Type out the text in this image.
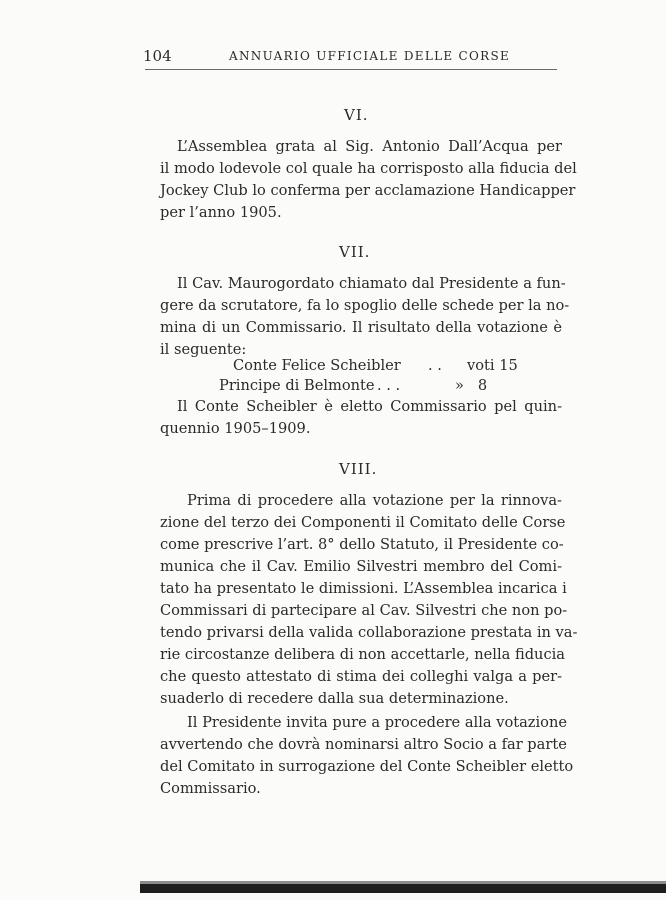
104	ANNUARIO UFFICIALE DELLE CORSE
VI.
L’Assemblea grata al Sig. Antonio Dall’Acqua per
il modo lodevole col quale ha corrisposto alla fiducia del
Jockey Club lo conferma per acclamazione Handicapper
per l’anno 1905.
VII.
Il Cav. Maurogordato chiamato dal Presidente a fun-
gere da scrutatore, fa lo spoglio delle schede per la no-
mina di un Commissario. Il risultato della votazione è
il seguente:
Conte Felice Scheibler . . voti 15
Principe di Belmonte . . .	»   8
Il Conte Scheibler è eletto Commissario pel quin-
quennio 1905–1909.
VIII.
Prima di procedere alla votazione per la rinnova-
zione del terzo dei Componenti il Comitato delle Corse
come prescrive l’art. 8° dello Statuto, il Presidente co-
munica che il Cav. Emilio Silvestri membro del Comi-
tato ha presentato le dimissioni. L’Assemblea incarica i
Commissari di partecipare al Cav. Silvestri che non po-
tendo privarsi della valida collaborazione prestata in va-
rie circostanze delibera di non accettarle, nella fiducia
che questo attestato di stima dei colleghi valga a per-
suaderlo di recedere dalla sua determinazione.
Il Presidente invita pure a procedere alla votazione
avvertendo che dovrà nominarsi altro Socio a far parte
del Comitato in surrogazione del Conte Scheibler eletto
Commissario.
